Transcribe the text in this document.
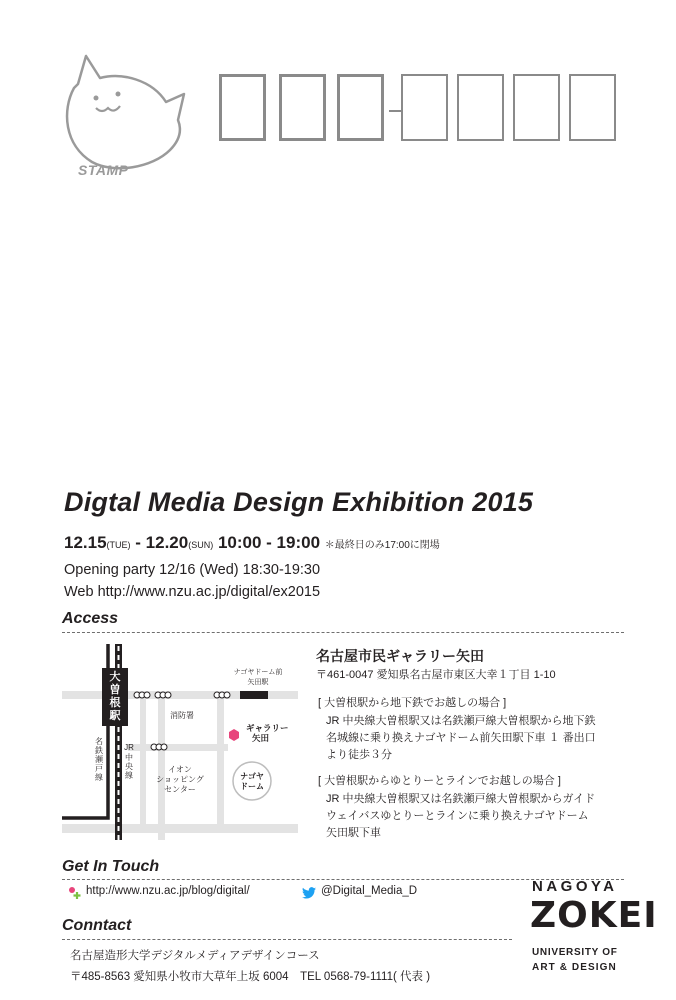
STAMP
Digtal Media Design Exhibition 2015
12.15(TUE) - 12.20(SUN) 10:00 - 19:00 ＊最終日のみ17:00に閉場
Opening party 12/16 (Wed) 18:30-19:30
Web http://www.nzu.ac.jp/digital/ex2015
Access
大
曽
根
駅
ナゴヤドーム前
矢田駅
名
鉄
瀬
戸
線
JR
中
央
線
消防署
ギャラリー
矢田
イオン
ショッピング
センター
ナゴヤ
ドーム
名古屋市民ギャラリー矢田
〒461-0047 愛知県名古屋市東区大幸１丁目 1-10
[ 大曽根駅から地下鉄でお越しの場合 ]
JR 中央線大曽根駅又は名鉄瀬戸線大曽根駅から地下鉄
名城線に乗り換えナゴヤドーム前矢田駅下車 １ 番出口
より徒歩３分
[ 大曽根駅からゆとりーとラインでお越しの場合 ]
JR 中央線大曽根駅又は名鉄瀬戸線大曽根駅からガイド
ウェイバスゆとりーとラインに乗り換えナゴヤドーム
矢田駅下車
Get In Touch
http://www.nzu.ac.jp/blog/digital/	@Digital_Media_D
Conntact
名古屋造形大学デジタルメディアデザインコース
〒485-8563 愛知県小牧市大草年上坂 6004　TEL 0568-79-1111( 代表 )
NAGOYA
ZOKEI
UNIVERSITY OF
ART & DESIGN
